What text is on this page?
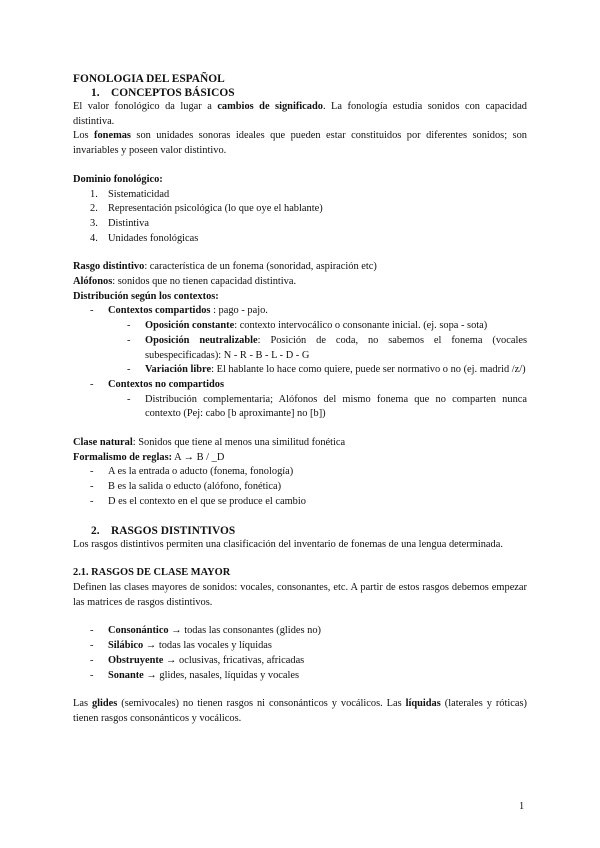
FONOLOGIA DEL ESPAÑOL

1. CONCEPTOS BÁSICOS

El valor fonológico da lugar a cambios de significado. La fonología estudia sonidos con capacidad distintiva.

Los fonemas son unidades sonoras ideales que pueden estar constituidos por diferentes sonidos; son invariables y poseen valor distintivo.

Dominio fonológico:

1. Sistematicidad
2. Representación psicológica (lo que oye el hablante)
3. Distintiva
4. Unidades fonológicas

Rasgo distintivo: característica de un fonema (sonoridad, aspiración etc)

Alófonos: sonidos que no tienen capacidad distintiva.

Distribución según los contextos:

- Contextos compartidos : pago - pajo.
- Oposición constante: contexto intervocálico o consonante inicial. (ej. sopa - sota)
- Oposición neutralizable: Posición de coda, no sabemos el fonema (vocales subespecificadas): N - R - B - L - D - G
- Variación libre: El hablante lo hace como quiere, puede ser normativo o no (ej. madrid /z/)
- Contextos no compartidos
- Distribución complementaria; Alófonos del mismo fonema que no comparten nunca contexto (Pej: cabo [b aproximante] no [b])

Clase natural: Sonidos que tiene al menos una similitud fonética

Formalismo de reglas: A → B / _D

- A es la entrada o aducto (fonema, fonología)
- B es la salida o educto (alófono, fonética)
- D es el contexto en el que se produce el cambio

2. RASGOS DISTINTIVOS

Los rasgos distintivos permiten una clasificación del inventario de fonemas de una lengua determinada.

2.1. RASGOS DE CLASE MAYOR

Definen las clases mayores de sonidos: vocales, consonantes, etc. A partir de estos rasgos debemos empezar las matrices de rasgos distintivos.

- Consonántico → todas las consonantes (glides no)
- Silábico → todas las vocales y líquidas
- Obstruyente → oclusivas, fricativas, africadas
- Sonante → glides, nasales, líquidas y vocales

Las glides (semivocales) no tienen rasgos ni consonánticos y vocálicos. Las líquidas (laterales y róticas) tienen rasgos consonánticos y vocálicos.

1
